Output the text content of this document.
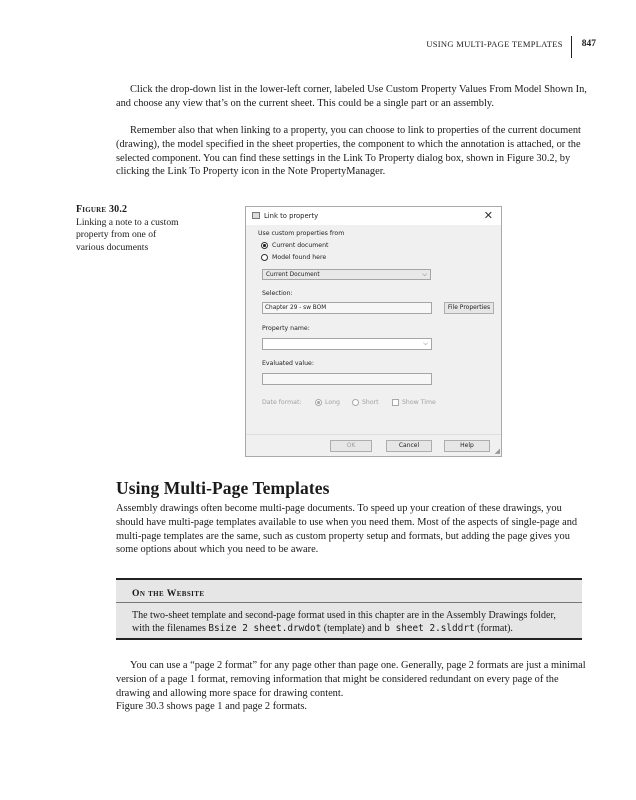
USING MULTI-PAGE TEMPLATES	847

Click the drop-down list in the lower-left corner, labeled Use Custom Property Values From Model Shown In, and choose any view that’s on the current sheet. This could be a single part or an assembly.

Remember also that when linking to a property, you can choose to link to properties of the current document (drawing), the model specified in the sheet properties, the component to which the annotation is attached, or the selected component. You can find these settings in the Link To Property dialog box, shown in Figure 30.2, by clicking the Link To Property icon in the Note PropertyManager.

Figure 30.2
Linking a note to a custom property from one of various documents
Link to property	✕
Use custom properties from
Current document
Model found here
Current Document	⌵
Selection:
Chapter 29 - sw BOM	File Properties
Property name:
⌵
Evaluated value:
Date format:	Long	Short	Show Time
OK	Cancel	Help
◢
Using Multi-Page Templates

Assembly drawings often become multi-page documents. To speed up your creation of these drawings, you should have multi-page templates available to use when you need them. Most of the aspects of single-page and multi-page templates are the same, such as custom property setup and formats, but adding the page gives you some options about which you need to be aware.

On the Website
The two-sheet template and second-page format used in this chapter are in the Assembly Drawings folder, with the filenames Bsize 2 sheet.drwdot (template) and b sheet 2.slddrt (format).

You can use a “page 2 format” for any page other than page one. Generally, page 2 formats are just a minimal version of a page 1 format, removing information that might be considered redundant on every page of the drawing and allowing more space for drawing content.

Figure 30.3 shows page 1 and page 2 formats.
